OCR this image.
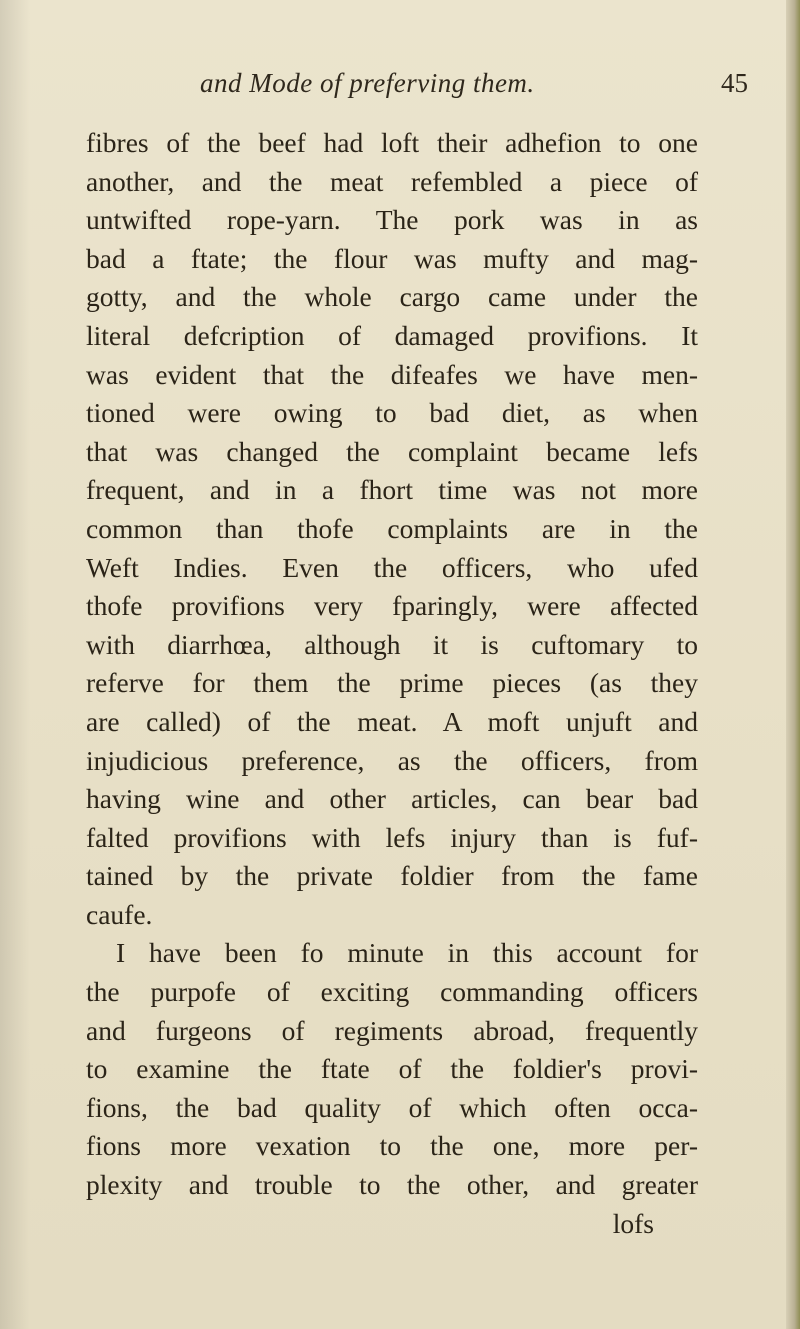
and Mode of preferving them.	45
fibres of the beef had loft their adhefion to one
another, and the meat refembled a piece of
untwifted rope-yarn. The pork was in as
bad a ftate; the flour was mufty and mag-
gotty, and the whole cargo came under the
literal defcription of damaged provifions. It
was evident that the difeafes we have men-
tioned were owing to bad diet, as when
that was changed the complaint became lefs
frequent, and in a fhort time was not more
common than thofe complaints are in the
Weft Indies. Even the officers, who ufed
thofe provifions very fparingly, were affected
with diarrhœa, although it is cuftomary to
referve for them the prime pieces (as they
are called) of the meat. A moft unjuft and
injudicious preference, as the officers, from
having wine and other articles, can bear bad
falted provifions with lefs injury than is fuf-
tained by the private foldier from the fame
caufe.
I have been fo minute in this account for
the purpofe of exciting commanding officers
and furgeons of regiments abroad, frequently
to examine the ftate of the foldier's provi-
fions, the bad quality of which often occa-
fions more vexation to the one, more per-
plexity and trouble to the other, and greater
lofs
